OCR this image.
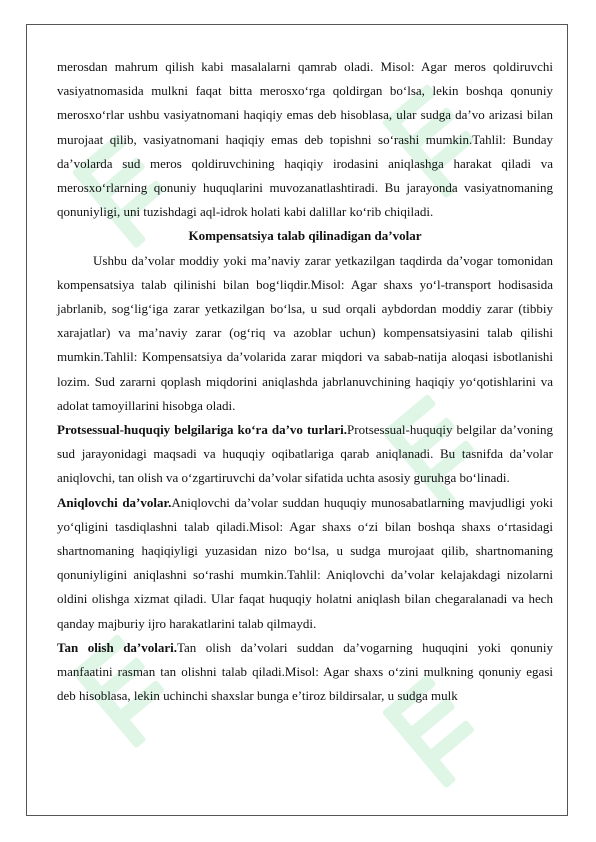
merosdan mahrum qilish kabi masalalarni qamrab oladi. Misol: Agar meros qoldiruvchi vasiyatnomasida mulkni faqat bitta merosxo‘rga qoldirgan bo‘lsa, lekin boshqa qonuniy merosxo‘rlar ushbu vasiyatnomani haqiqiy emas deb hisoblasa, ular sudga da’vo arizasi bilan murojaat qilib, vasiyatnomani haqiqiy emas deb topishni so‘rashi mumkin.Tahlil: Bunday da’volarda sud meros qoldiruvchining haqiqiy irodasini aniqlashga harakat qiladi va merosxo‘rlarning qonuniy huquqlarini muvozanatlashtiradi. Bu jarayonda vasiyatnomaning qonuniyligi, uni tuzishdagi aql-idrok holati kabi dalillar ko‘rib chiqiladi.

Kompensatsiya talab qilinadigan da’volar

Ushbu da’volar moddiy yoki ma’naviy zarar yetkazilgan taqdirda da’vogar tomonidan kompensatsiya talab qilinishi bilan bog‘liqdir.Misol: Agar shaxs yo‘l-transport hodisasida jabrlanib, sog‘lig‘iga zarar yetkazilgan bo‘lsa, u sud orqali aybdordan moddiy zarar (tibbiy xarajatlar) va ma’naviy zarar (og‘riq va azoblar uchun) kompensatsiyasini talab qilishi mumkin.Tahlil: Kompensatsiya da’volarida zarar miqdori va sabab-natija aloqasi isbotlanishi lozim. Sud zararni qoplash miqdorini aniqlashda jabrlanuvchining haqiqiy yo‘qotishlarini va adolat tamoyillarini hisobga oladi.

Protsessual-huquqiy belgilariga ko‘ra da’vo turlari.Protsessual-huquqiy belgilar da’voning sud jarayonidagi maqsadi va huquqiy oqibatlariga qarab aniqlanadi. Bu tasnifda da’volar aniqlovchi, tan olish va o‘zgartiruvchi da’volar sifatida uchta asosiy guruhga bo‘linadi.

Aniqlovchi da’volar.Aniqlovchi da’volar suddan huquqiy munosabatlarning mavjudligi yoki yo‘qligini tasdiqlashni talab qiladi.Misol: Agar shaxs o‘zi bilan boshqa shaxs o‘rtasidagi shartnomaning haqiqiyligi yuzasidan nizo bo‘lsa, u sudga murojaat qilib, shartnomaning qonuniyligini aniqlashni so‘rashi mumkin.Tahlil: Aniqlovchi da’volar kelajakdagi nizolarni oldini olishga xizmat qiladi. Ular faqat huquqiy holatni aniqlash bilan chegaralanadi va hech qanday majburiy ijro harakatlarini talab qilmaydi.

Tan olish da’volari.Tan olish da’volari suddan da’vogarning huquqini yoki qonuniy manfaatini rasman tan olishni talab qiladi.Misol: Agar shaxs o‘zini mulkning qonuniy egasi deb hisoblasa, lekin uchinchi shaxslar bunga e’tiroz bildirsalar, u sudga mulk
